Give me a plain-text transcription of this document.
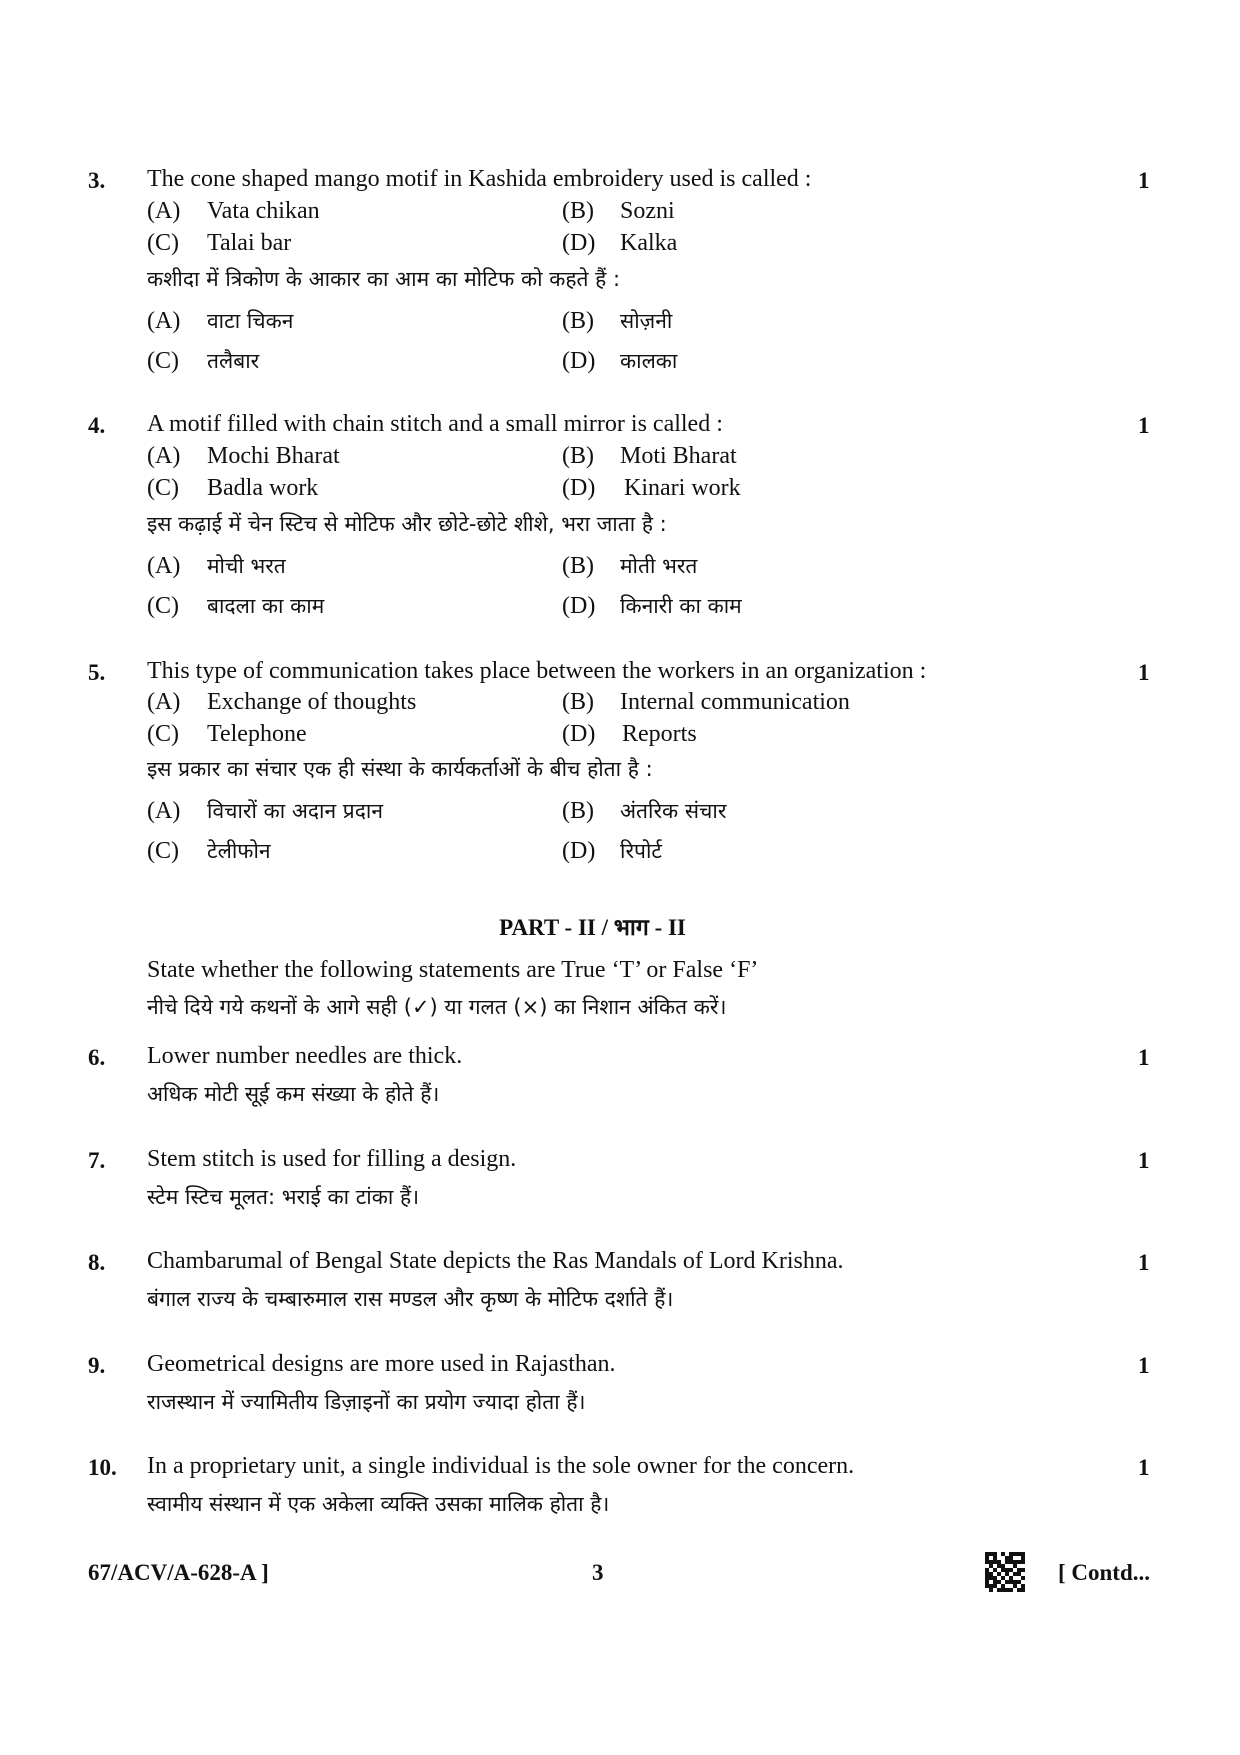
3. The cone shaped mango motif in Kashida embroidery used is called :	1
(A) Vata chikan	(B) Sozni
(C) Talai bar	(D) Kalka
कशीदा में त्रिकोण के आकार का आम का मोटिफ को कहते हैं :
(A) वाटा चिकन	(B) सोज़नी
(C) तलैबार	(D) कालका
4. A motif filled with chain stitch and a small mirror is called :	1
(A) Mochi Bharat	(B) Moti Bharat
(C) Badla work	(D) Kinari work
इस कढ़ाई में चेन स्टिच से मोटिफ और छोटे-छोटे शीशे, भरा जाता है :
(A) मोची भरत	(B) मोती भरत
(C) बादला का काम	(D) किनारी का काम
5. This type of communication takes place between the workers in an organization :	1
(A) Exchange of thoughts	(B) Internal communication
(C) Telephone	(D) Reports
इस प्रकार का संचार एक ही संस्था के कार्यकर्ताओं के बीच होता है :
(A) विचारों का अदान प्रदान	(B) अंतरिक संचार
(C) टेलीफोन	(D) रिपोर्ट
PART - II / भाग - II
State whether the following statements are True ‘T’ or False ‘F’
नीचे दिये गये कथनों के आगे सही (✓) या गलत (×) का निशान अंकित करें।
6. Lower number needles are thick.
अधिक मोटी सूई कम संख्या के होते हैं।
1
7. Stem stitch is used for filling a design.
स्टेम स्टिच मूलत: भराई का टांका हैं।
1
8. Chambarumal of Bengal State depicts the Ras Mandals of Lord Krishna.
बंगाल राज्य के चम्बारुमाल रास मण्डल और कृष्ण के मोटिफ दर्शाते हैं।
1
9. Geometrical designs are more used in Rajasthan.
राजस्थान में ज्यामितीय डिज़ाइनों का प्रयोग ज्यादा होता हैं।
1
10. In a proprietary unit, a single individual is the sole owner for the concern.
स्वामीय संस्थान में एक अकेला व्यक्ति उसका मालिक होता है।
1
67/ACV/A-628-A ]	3	[ Contd...
